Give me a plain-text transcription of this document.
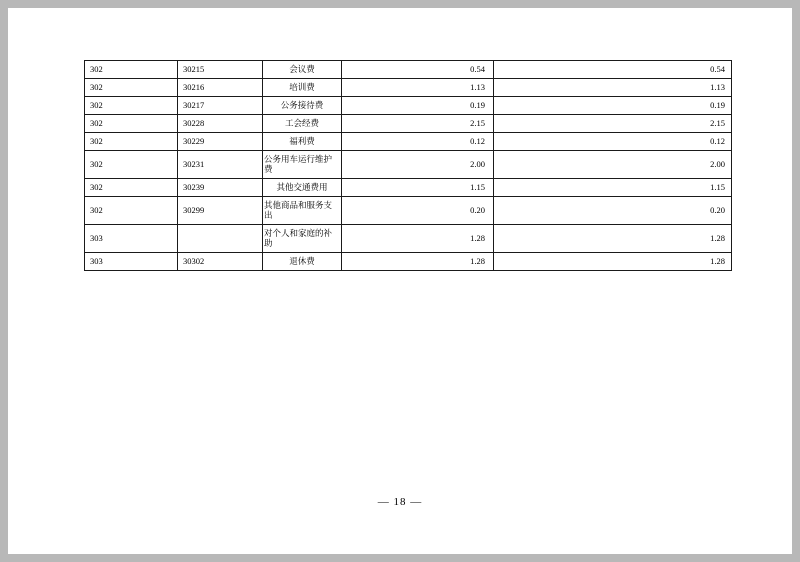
302	30215	会议费	0.54	0.54
302	30216	培训费	1.13	1.13
302	30217	公务接待费	0.19	0.19
302	30228	工会经费	2.15	2.15
302	30229	福利费	0.12	0.12
302	30231	公务用车运行维护费	2.00	2.00
302	30239	其他交通费用	1.15	1.15
302	30299	其他商品和服务支出	0.20	0.20
303		对个人和家庭的补助	1.28	1.28
303	30302	退休费	1.28	1.28
— 18 —
